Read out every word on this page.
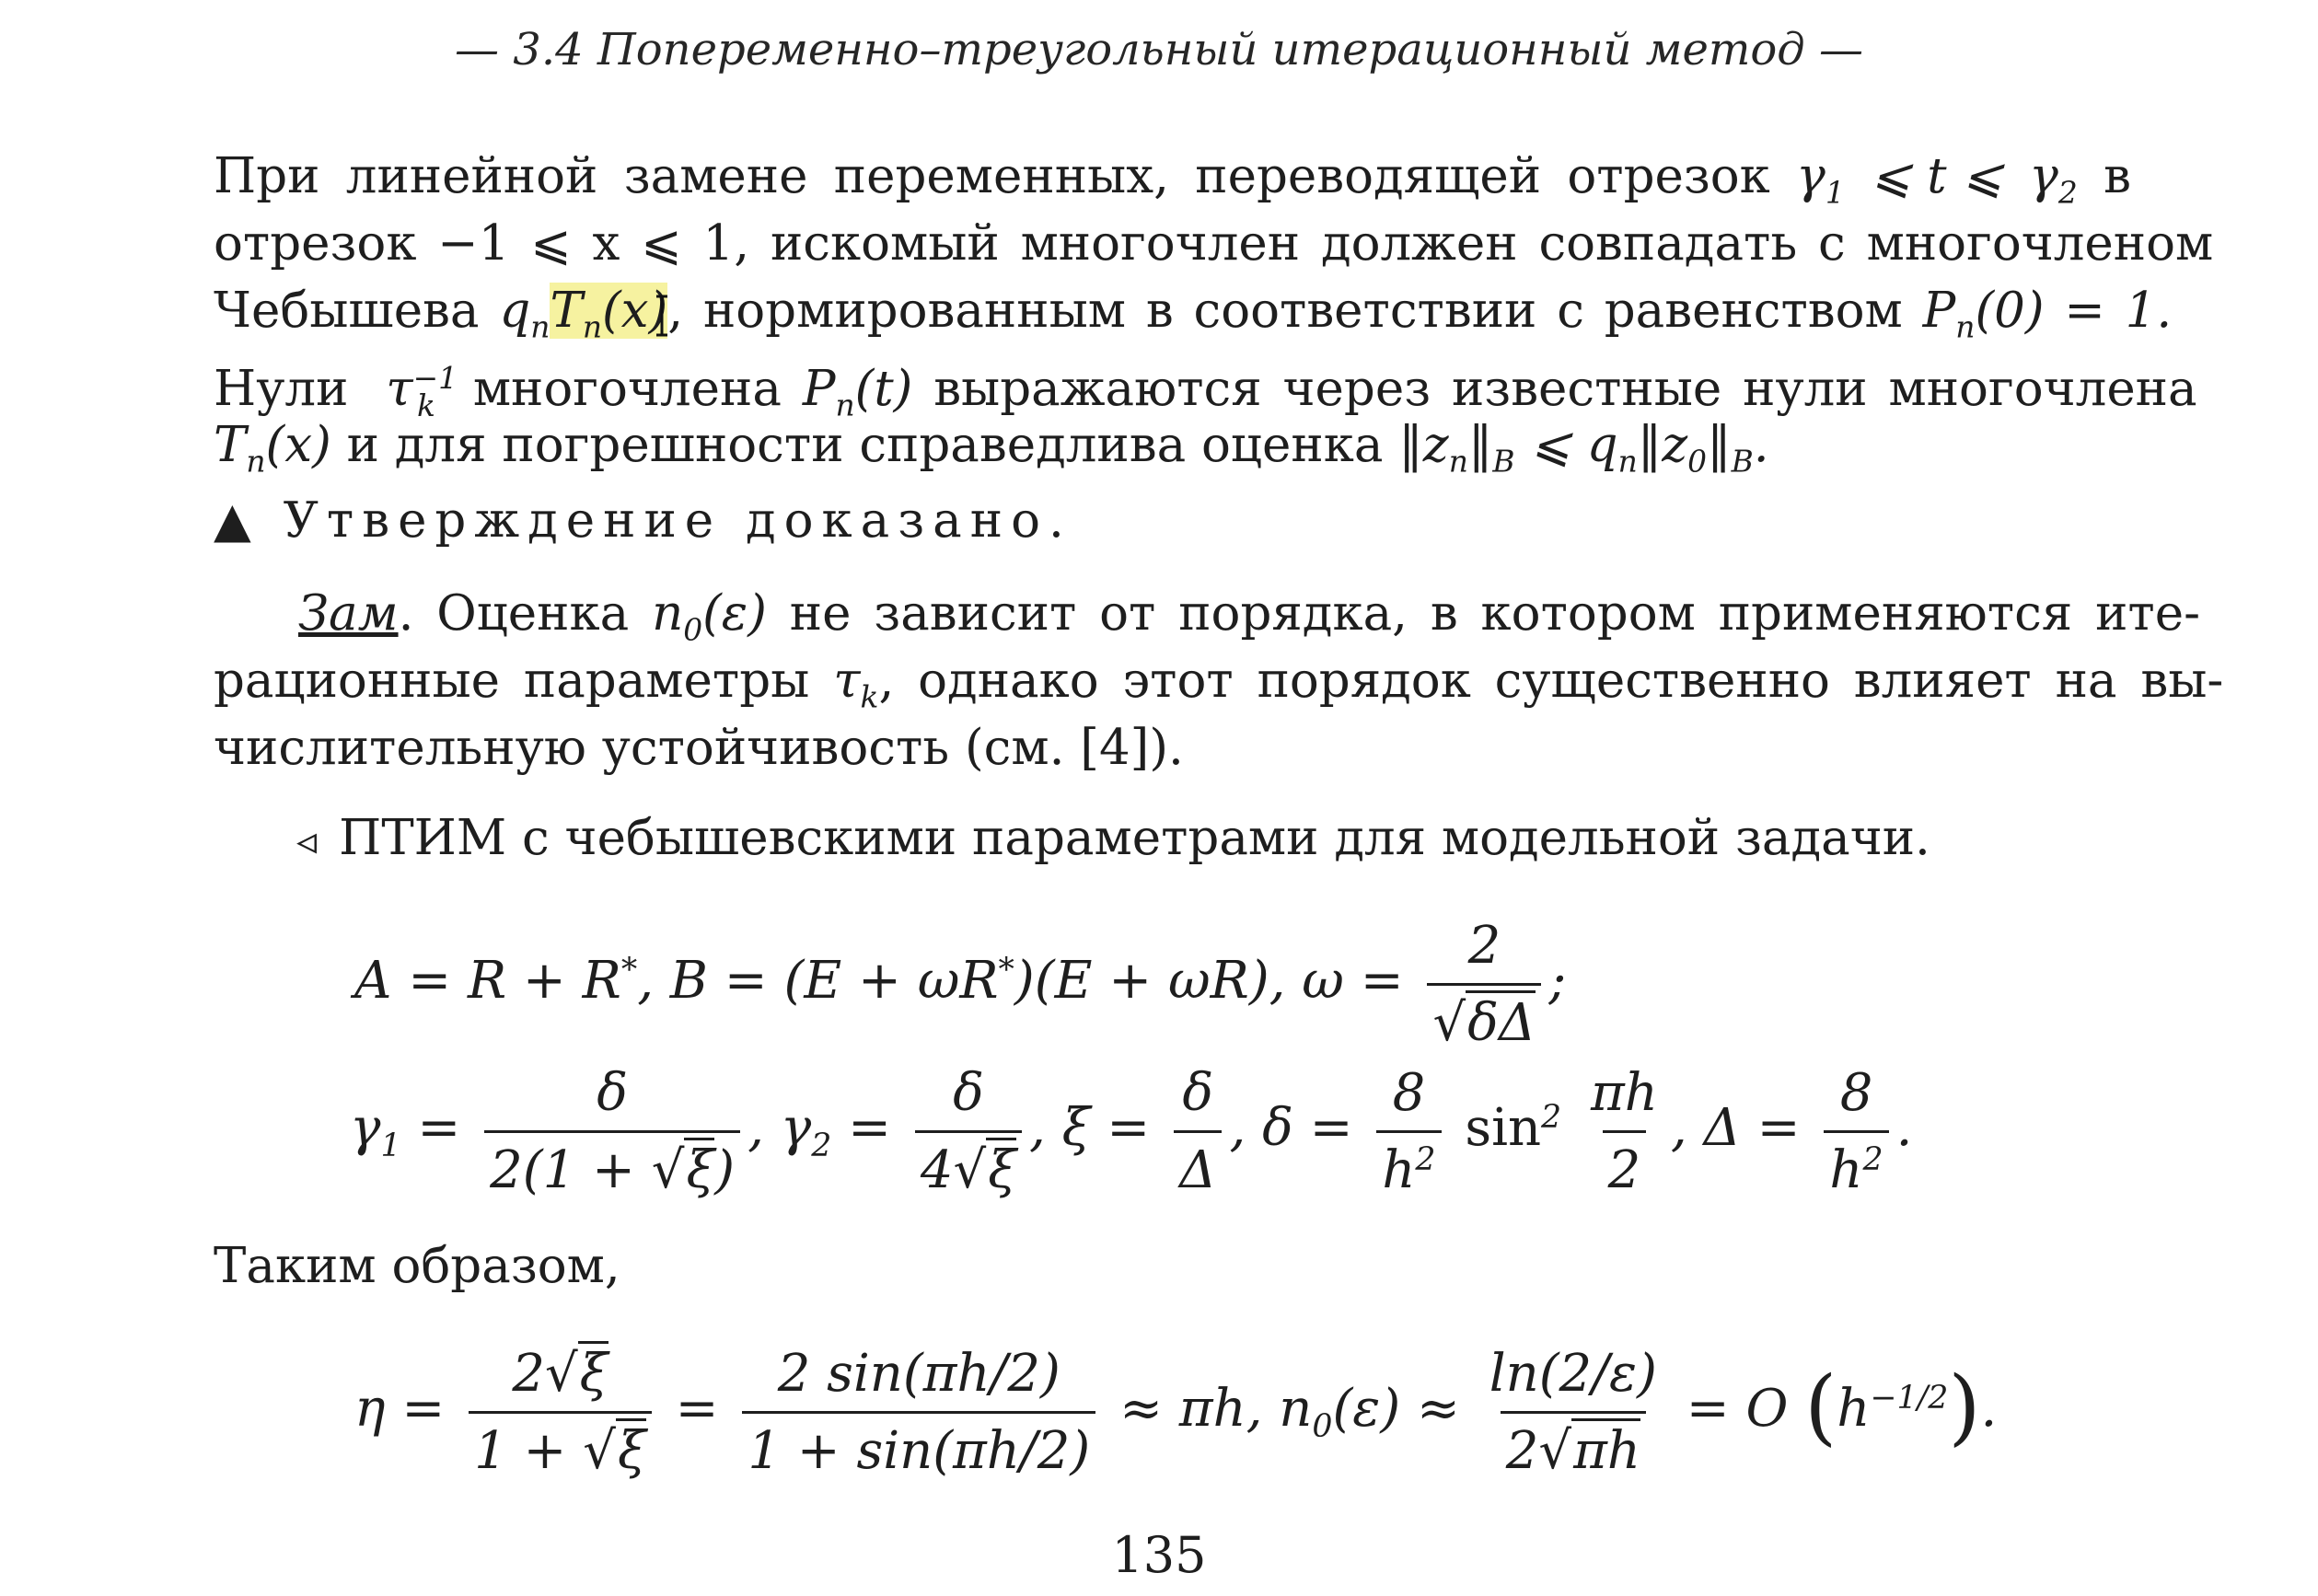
— 3.4 Попеременно–треугольный итерационный метод —
При линейной замене переменных, переводящей отрезок $\gamma_1$ ⩽ t ⩽ $\gamma_2$ в
отрезок −1 ⩽ x ⩽ 1, искомый многочлен должен совпадать с многочленом
Чебышева $q_nT_n(x)$, нормированным в соответствии с равенством $P_n(0) = 1$.
Нули $\tau^{-1}_k$ многочлена $P_n(t)$ выражаются через известные нули многочлена
$T_n(x)$ и для погрешности справедлива оценка $‖z_n‖_B$ ⩽ $q_n‖z_0‖_B$.
▲ Утверждение доказано.
Зам. Оценка $n_0(\varepsilon)$ не зависит от порядка, в котором применяются ите-
рационные параметры $\tau_k$, однако этот порядок существенно влияет на вы-
числительную устойчивость (см. [4]).
◃ ПТИМ с чебышевскими параметрами для модельной задачи.
A = R + R*, B = (E + ωR*)(E + ωR), $\omega = \frac{2}{√\delta\Delta}$ ;
$\gamma_1 = \frac{\delta}{2(1 + √\xi)}$ , $\gamma_2 = \frac{\delta}{4√\xi}$ , $\xi = \frac{\delta}{\Delta}$ , $\delta = \frac{8}{h^2} \sin^2 \frac{\pi h}{2}$ , $\Delta = \frac{8}{h^2}$ .
Таким образом,
$\eta = \frac{2√\xi}{1 + √\xi} = \frac{2 \sin(\pi h/2)}{1 + \sin(\pi h/2)} \approx \pi h$, $n_0(\varepsilon) \approx \frac{\ln(2/\varepsilon)}{2√\pi h} = O$ $(h^{-1/2})$.
135
